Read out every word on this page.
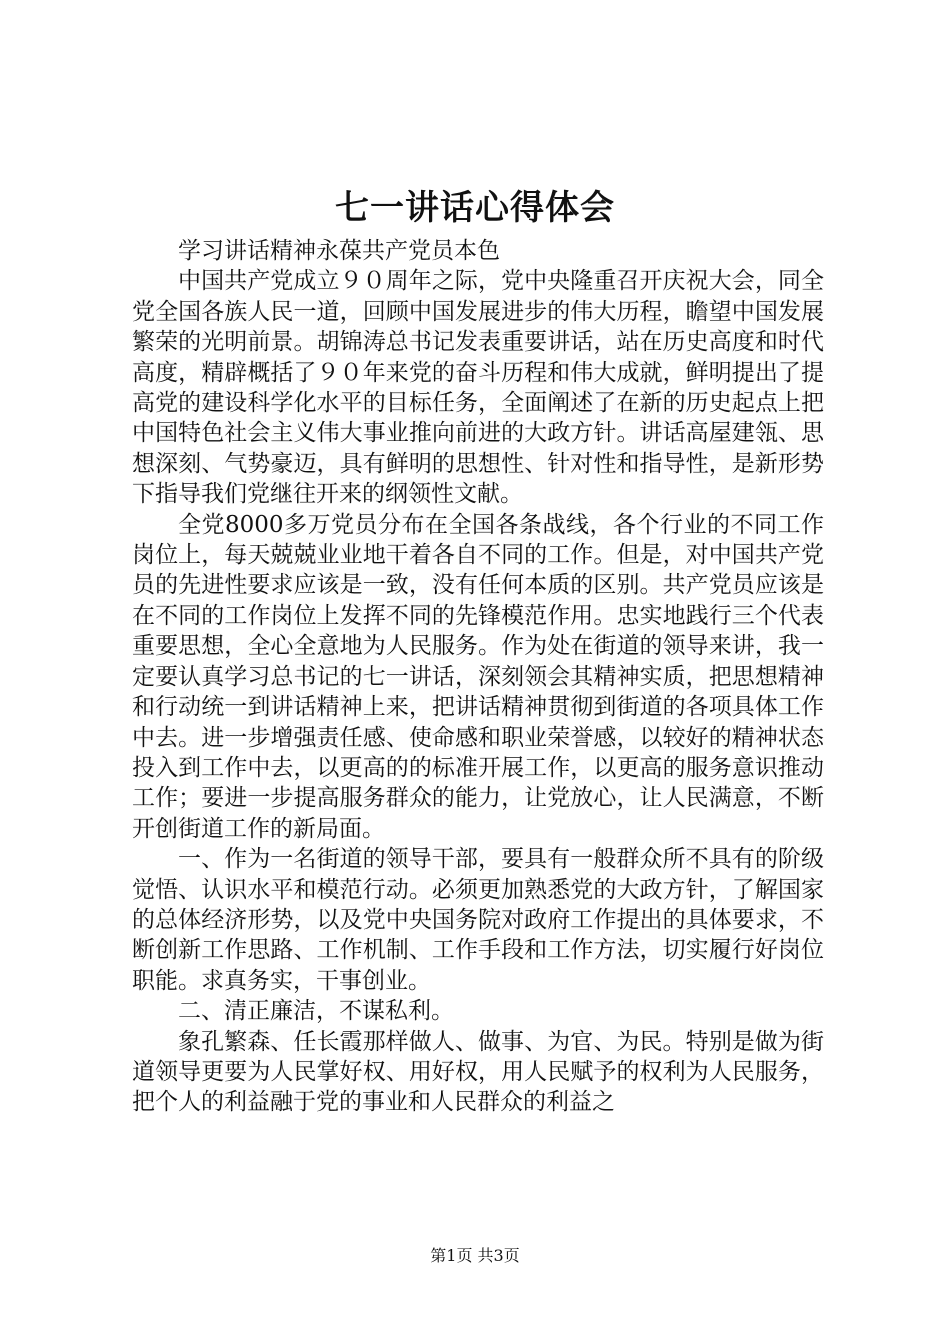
七一讲话心得体会

学习讲话精神永葆共产党员本色

中国共产党成立９０周年之际，党中央隆重召开庆祝大会，同全党全国各族人民一道，回顾中国发展进步的伟大历程，瞻望中国发展繁荣的光明前景。胡锦涛总书记发表重要讲话，站在历史高度和时代高度，精辟概括了９０年来党的奋斗历程和伟大成就，鲜明提出了提高党的建设科学化水平的目标任务，全面阐述了在新的历史起点上把中国特色社会主义伟大事业推向前进的大政方针。讲话高屋建瓴、思想深刻、气势豪迈，具有鲜明的思想性、针对性和指导性，是新形势下指导我们党继往开来的纲领性文献。

全党8000多万党员分布在全国各条战线，各个行业的不同工作岗位上，每天兢兢业业地干着各自不同的工作。但是，对中国共产党员的先进性要求应该是一致，没有任何本质的区别。共产党员应该是在不同的工作岗位上发挥不同的先锋模范作用。忠实地践行三个代表重要思想，全心全意地为人民服务。作为处在街道的领导来讲，我一定要认真学习总书记的七一讲话，深刻领会其精神实质，把思想精神和行动统一到讲话精神上来，把讲话精神贯彻到街道的各项具体工作中去。进一步增强责任感、使命感和职业荣誉感，以较好的精神状态投入到工作中去，以更高的的标准开展工作，以更高的服务意识推动工作；要进一步提高服务群众的能力，让党放心，让人民满意，不断开创街道工作的新局面。

一、作为一名街道的领导干部，要具有一般群众所不具有的阶级觉悟、认识水平和模范行动。必须更加熟悉党的大政方针，了解国家的总体经济形势，以及党中央国务院对政府工作提出的具体要求，不断创新工作思路、工作机制、工作手段和工作方法，切实履行好岗位职能。求真务实，干事创业。

二、清正廉洁，不谋私利。

象孔繁森、任长霞那样做人、做事、为官、为民。特别是做为街道领导更要为人民掌好权、用好权，用人民赋予的权利为人民服务，把个人的利益融于党的事业和人民群众的利益之

第1页 共3页
